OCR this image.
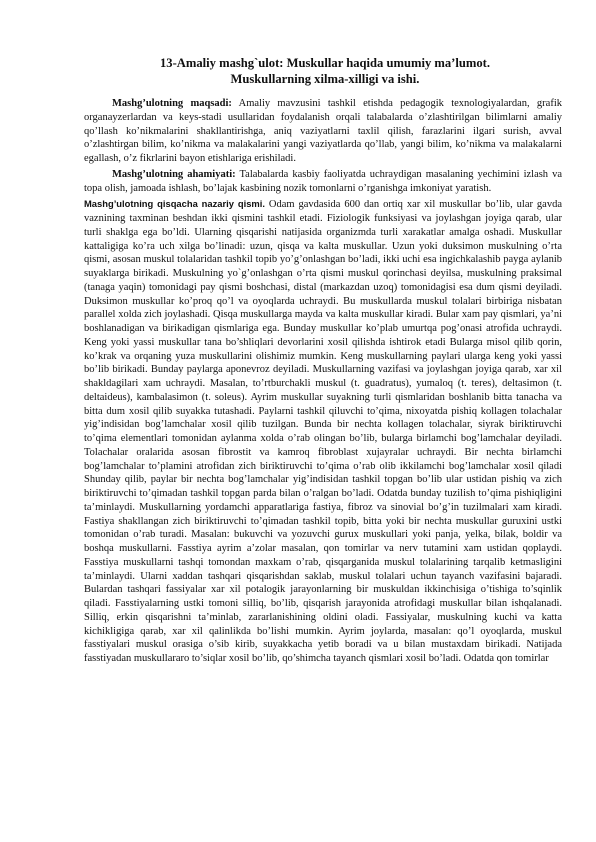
13-Amaliy mashg`ulot: Muskullar haqida umumiy ma’lumot.
Muskullarning xilma-xilligi va ishi.

Mashg’ulotning maqsadi: Amaliy mavzusini tashkil etishda pedagogik texnologiyalardan, grafik organayzerlardan va keys-stadi usullaridan foydalanish orqali talabalarda o’zlashtirilgan bilimlarni amaliy qo’llash ko’nikmalarini shakllantirishga, aniq vaziyatlarni taxlil qilish, farazlarini ilgari surish, avval o’zlashtirgan bilim, ko’nikma va malakalarini yangi vaziyatlarda qo’llab, yangi bilim, ko’nikma va malakalarni egallash, o’z fikrlarini bayon etishlariga erishiladi.

Mashg’ulotning ahamiyati: Talabalarda kasbiy faoliyatda uchraydigan masalaning yechimini izlash va topa olish, jamoada ishlash, bo’lajak kasbining nozik tomonlarni o’rganishga imkoniyat yaratish.

Mashg’ulotning qisqacha nazariy qismi. Odam gavdasida 600 dan ortiq xar xil muskullar bo’lib, ular gavda vaznining taxminan beshdan ikki qismini tashkil etadi. Fiziologik funksiyasi va joylashgan joyiga qarab, ular turli shaklga ega bo’ldi. Ularning qisqarishi natijasida organizmda turli xarakatlar amalga oshadi. Muskullar kattaligiga ko’ra uch xilga bo’linadi: uzun, qisqa va kalta muskullar. Uzun yoki duksimon muskulning o’rta qismi, asosan muskul tolalaridan tashkil topib yo’g’onlashgan bo’ladi, ikki uchi esa ingichkalashib payga aylanib suyaklarga birikadi. Muskulning yo`g’onlashgan o’rta qismi muskul qorinchasi deyilsa, muskulning praksimal (tanaga yaqin) tomonidagi pay qismi boshchasi, distal (markazdan uzoq) tomonidagisi esa dum qismi deyiladi. Duksimon muskullar ko’proq qo’l va oyoqlarda uchraydi. Bu muskullarda muskul tolalari birbiriga nisbatan parallel xolda zich joylashadi. Qisqa muskullarga mayda va kalta muskullar kiradi. Bular xam pay qismlari, ya’ni boshlanadigan va birikadigan qismlariga ega. Bunday muskullar ko’plab umurtqa pog’onasi atrofida uchraydi. Keng yoki yassi muskullar tana bo’shliqlari devorlarini xosil qilishda ishtirok etadi Bularga misol qilib qorin, ko’krak va orqaning yuza muskullarini olishimiz mumkin. Keng muskullarning paylari ularga keng yoki yassi bo’lib birikadi. Bunday paylarga aponevroz deyiladi. Muskullarning vazifasi va joylashgan joyiga qarab, xar xil shakldagilari xam uchraydi. Masalan, to’rtburchakli muskul (t. guadratus), yumaloq (t. teres), deltasimon (t. deltaideus), kambalasimon (t. soleus). Ayrim muskullar suyakning turli qismlaridan boshlanib bitta tanacha va bitta dum xosil qilib suyakka tutashadi. Paylarni tashkil qiluvchi to’qima, nixoyatda pishiq kollagen tolachalar yig’indisidan bog’lamchalar xosil qilib tuzilgan. Bunda bir nechta kollagen tolachalar, siyrak biriktiruvchi to’qima elementlari tomonidan aylanma xolda o’rab olingan bo’lib, bularga birlamchi bog’lamchalar deyiladi. Tolachalar oralarida asosan fibrostit va kamroq fibroblast xujayralar uchraydi. Bir nechta birlamchi bog’lamchalar to’plamini atrofidan zich biriktiruvchi to’qima o’rab olib ikkilamchi bog’lamchalar xosil qiladi Shunday qilib, paylar bir nechta bog’lamchalar yig’indisidan tashkil topgan bo’lib ular ustidan pishiq va zich biriktiruvchi to’qimadan tashkil topgan parda bilan o’ralgan bo’ladi. Odatda bunday tuzilish to’qima pishiqligini ta’minlaydi. Muskullarning yordamchi apparatlariga fastiya, fibroz va sinovial bo’g’in tuzilmalari xam kiradi. Fastiya shakllangan zich biriktiruvchi to’qimadan tashkil topib, bitta yoki bir nechta muskullar guruxini ustki tomonidan o’rab turadi. Masalan: bukuvchi va yozuvchi gurux muskullari yoki panja, yelka, bilak, boldir va boshqa muskullarni. Fasstiya ayrim a’zolar masalan, qon tomirlar va nerv tutamini xam ustidan qoplaydi. Fasstiya muskullarni tashqi tomondan maxkam o’rab, qisqarganida muskul tolalarining tarqalib ketmasligini ta’minlaydi. Ularni xaddan tashqari qisqarishdan saklab, muskul tolalari uchun tayanch vazifasini bajaradi. Bulardan tashqari fassiyalar xar xil potalogik jarayonlarning bir muskuldan ikkinchisiga o’tishiga to’sqinlik qiladi. Fasstiyalarning ustki tomoni silliq, bo’lib, qisqarish jarayonida atrofidagi muskullar bilan ishqalanadi. Silliq, erkin qisqarishni ta’minlab, zararlanishining oldini oladi. Fassiyalar, muskulning kuchi va katta kichikligiga qarab, xar xil qalinlikda bo’lishi mumkin. Ayrim joylarda, masalan: qo’l oyoqlarda, muskul fasstiyalari muskul orasiga o’sib kirib, suyakkacha yetib boradi va u bilan mustaxdam birikadi. Natijada fasstiyadan muskullararo to’siqlar xosil bo’lib, qo’shimcha tayanch qismlari xosil bo’ladi. Odatda qon tomirlar
